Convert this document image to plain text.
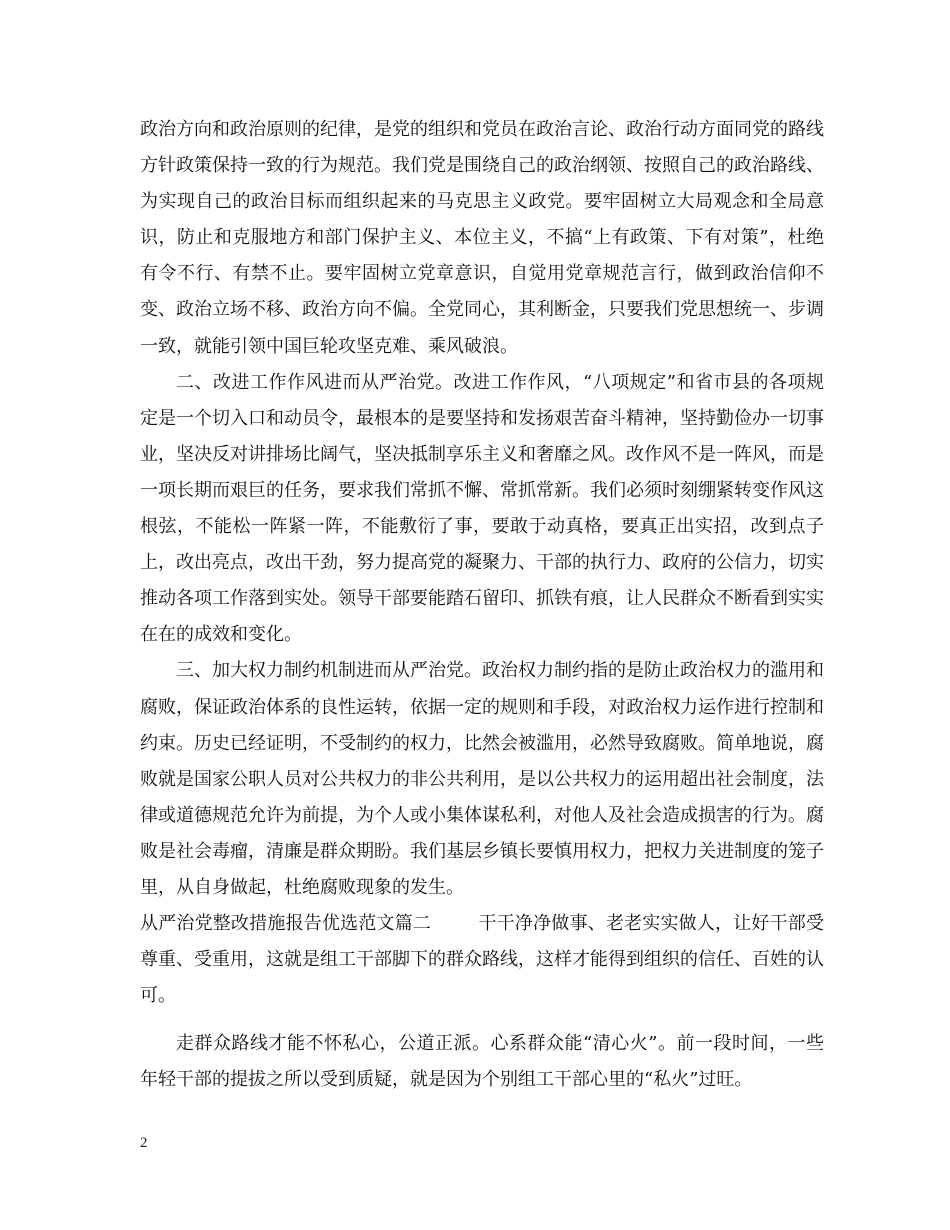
政治方向和政治原则的纪律，是党的组织和党员在政治言论、政治行动方面同党的路线方针政策保持一致的行为规范。我们党是围绕自己的政治纲领、按照自己的政治路线、为实现自己的政治目标而组织起来的马克思主义政党。要牢固树立大局观念和全局意识，防止和克服地方和部门保护主义、本位主义，不搞“上有政策、下有对策”，杜绝有令不行、有禁不止。要牢固树立党章意识，自觉用党章规范言行，做到政治信仰不变、政治立场不移、政治方向不偏。全党同心，其利断金，只要我们党思想统一、步调一致，就能引领中国巨轮攻坚克难、乘风破浪。

二、改进工作作风进而从严治党。改进工作作风，“八项规定”和省市县的各项规定是一个切入口和动员令，最根本的是要坚持和发扬艰苦奋斗精神，坚持勤俭办一切事业，坚决反对讲排场比阔气，坚决抵制享乐主义和奢靡之风。改作风不是一阵风，而是一项长期而艰巨的任务，要求我们常抓不懈、常抓常新。我们必须时刻绷紧转变作风这根弦，不能松一阵紧一阵，不能敷衍了事，要敢于动真格，要真正出实招，改到点子上，改出亮点，改出干劲，努力提高党的凝聚力、干部的执行力、政府的公信力，切实推动各项工作落到实处。领导干部要能踏石留印、抓铁有痕，让人民群众不断看到实实在在的成效和变化。

三、加大权力制约机制进而从严治党。政治权力制约指的是防止政治权力的滥用和腐败，保证政治体系的良性运转，依据一定的规则和手段，对政治权力运作进行控制和约束。历史已经证明，不受制约的权力，比然会被滥用，必然导致腐败。简单地说，腐败就是国家公职人员对公共权力的非公共利用，是以公共权力的运用超出社会制度，法律或道德规范允许为前提，为个人或小集体谋私利，对他人及社会造成损害的行为。腐败是社会毒瘤，清廉是群众期盼。我们基层乡镇长要慎用权力，把权力关进制度的笼子里，从自身做起，杜绝腐败现象的发生。

从严治党整改措施报告优选范文篇二	干干净净做事、老老实实做人，让好干部受尊重、受重用，这就是组工干部脚下的群众路线，这样才能得到组织的信任、百姓的认可。

走群众路线才能不怀私心，公道正派。心系群众能“清心火”。前一段时间，一些年轻干部的提拔之所以受到质疑，就是因为个别组工干部心里的“私火”过旺。

2
